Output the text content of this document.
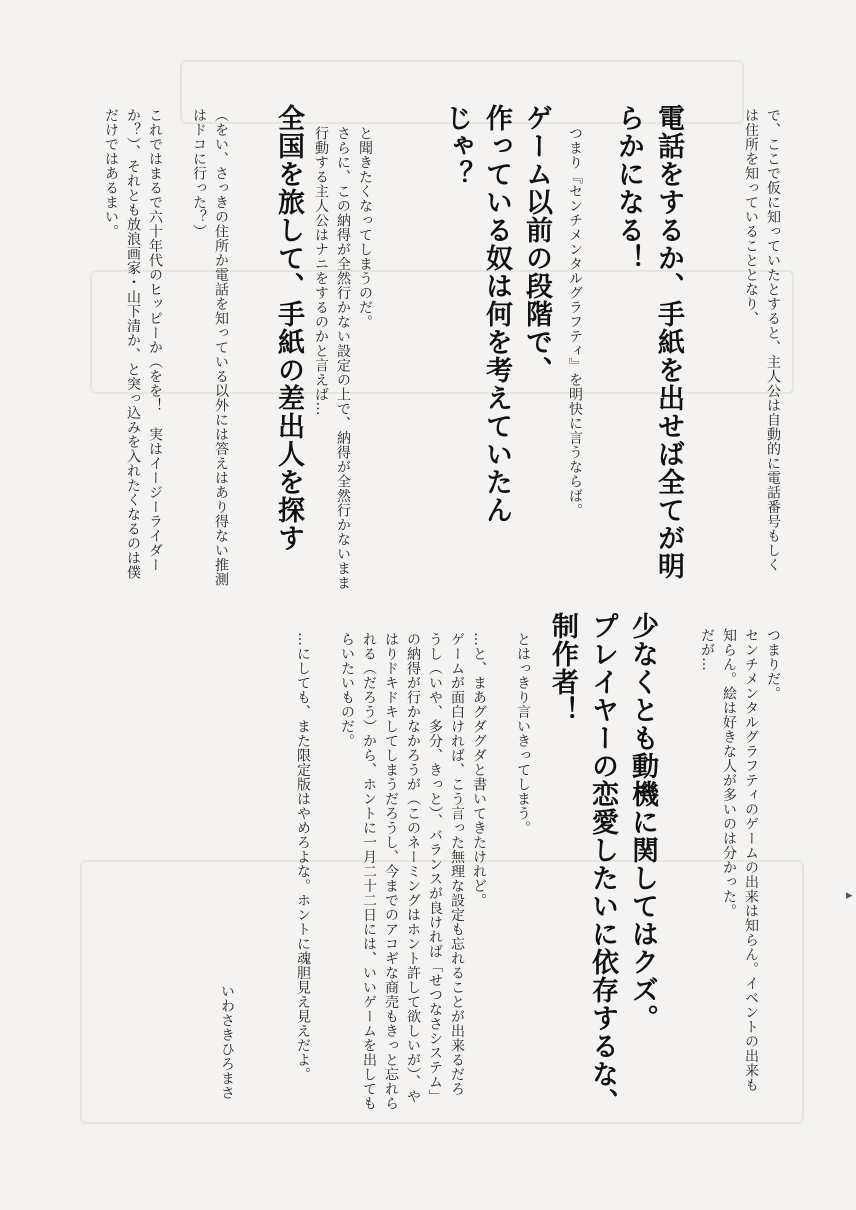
で、ここで仮に知っていたとすると、主人公は自動的に電話番号もしく
は住所を知っていることとなり、
電話をするか、手紙を出せば全てが明
らかになる！
つまり『センチメンタルグラフティ』を明快に言うならば。
ゲーム以前の段階で、
作っている奴は何を考えていたん
じゃ？
と聞きたくなってしまうのだ。
さらに、この納得が全然行かない設定の上で、納得が全然行かないまま
行動する主人公はナニをするのかと言えば…
全国を旅して、手紙の差出人を探す
（をい、さっきの住所か電話を知っている以外には答えはあり得ない推測
はドコに行った？）

これではまるで六十年代のヒッピーか（をを！　実はイージーライダー
か？）、それとも放浪画家・山下清か、と突っ込みを入れたくなるのは僕
だけではあるまい。
つまりだ。
センチメンタルグラフティのゲームの出来は知らん。イベントの出来も
知らん。絵は好きな人が多いのは分かった。
だが…
少なくとも動機に関してはクズ。
プレイヤーの恋愛したいに依存するな、
制作者！
とはっきり言いきってしまう。

…と、まあグダグダと書いてきたけれど。
ゲームが面白ければ、こう言った無理な設定も忘れることが出来るだろ
うし（いや、多分、きっと）、バランスが良ければ「せつなさシステム」
の納得が行かなかろうが（このネーミングはホント許して欲しいが）、や
はりドキドキしてしまうだろうし、今までのアコギな商売もきっと忘れら
れる（だろう）から、ホントに一月二十二日には、いいゲームを出しても
らいたいものだ。

…にしても、また限定版はやめろよな。ホントに魂胆見え見えだよ。
いわさきひろまさ
▸
